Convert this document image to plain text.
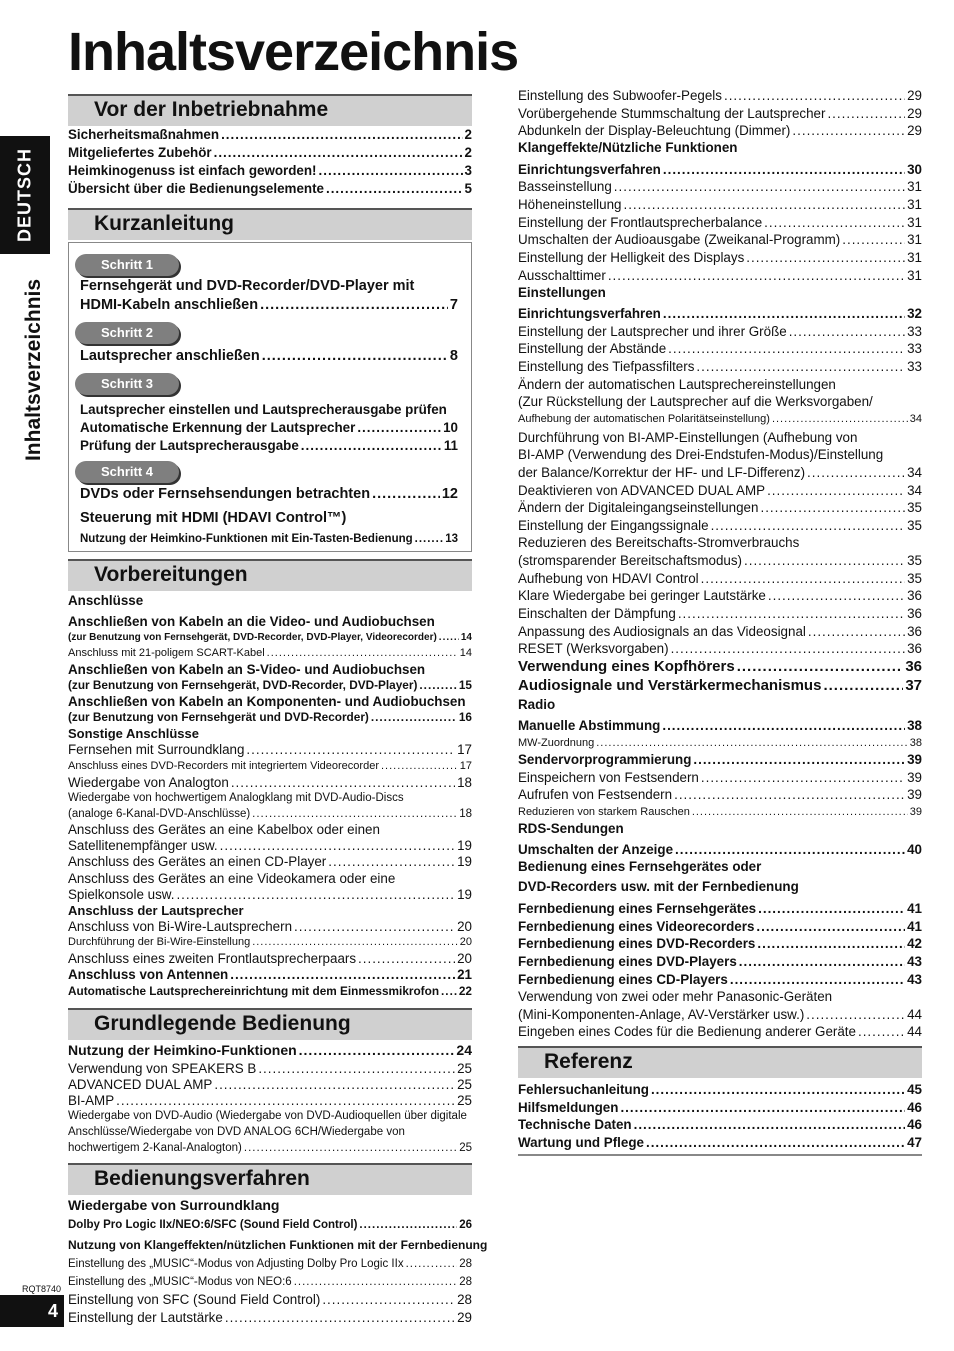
Inhaltsverzeichnis
DEUTSCH
Inhaltsverzeichnis
RQT8740
4
Vor der Inbetriebnahme
Sicherheitsmaßnahmen .....	2
Mitgeliefertes Zubehör .....	2
Heimkinogenuss ist einfach geworden! .....	3
Übersicht über die Bedienungselemente .....	5
Kurzanleitung
Schritt 1
Fernsehgerät und DVD-Recorder/DVD-Player mit
HDMI-Kabeln anschließen .....	7
Schritt 2
Lautsprecher anschließen .....	8
Schritt 3
Lautsprecher einstellen und Lautsprecherausgabe prüfen
Automatische Erkennung der Lautsprecher .....	10
Prüfung der Lautsprecherausgabe .....	11
Schritt 4
DVDs oder Fernsehsendungen betrachten .....	12
Steuerung mit HDMI (HDAVI Control™)
Nutzung der Heimkino-Funktionen mit Ein-Tasten-Bedienung .....	13
Vorbereitungen
Anschlüsse
Anschließen von Kabeln an die Video- und Audiobuchsen
(zur Benutzung von Fernsehgerät, DVD-Recorder, DVD-Player, Videorecorder) ..... 14
Anschluss mit 21-poligem SCART-Kabel .....	14
Anschließen von Kabeln an S-Video- und Audiobuchsen
(zur Benutzung von Fernsehgerät, DVD-Recorder, DVD-Player) .....	15
Anschließen von Kabeln an Komponenten- und Audiobuchsen
(zur Benutzung von Fernsehgerät und DVD-Recorder) .....	16
Sonstige Anschlüsse
Fernsehen mit Surroundklang .....	17
Anschluss eines DVD-Recorders mit integriertem Videorecorder .....	17
Wiedergabe von Analogton .....	18
Wiedergabe von hochwertigem Analogklang mit DVD-Audio-Discs
(analoge 6-Kanal-DVD-Anschlüsse) .....	18
Anschluss des Gerätes an eine Kabelbox oder einen
Satellitenempfänger usw. .....	19
Anschluss des Gerätes an einen CD-Player .....	19
Anschluss des Gerätes an eine Videokamera oder eine
Spielkonsole usw. .....	19
Anschluss der Lautsprecher
Anschluss von Bi-Wire-Lautsprechern .....	20
Durchführung der Bi-Wire-Einstellung .....	20
Anschluss eines zweiten Frontlautsprecherpaars .....	20
Anschluss von Antennen .....	21
Automatische Lautsprechereinrichtung mit dem Einmessmikrofon ..... 22
Grundlegende Bedienung
Nutzung der Heimkino-Funktionen .....	24
Verwendung von SPEAKERS B .....	25
ADVANCED DUAL AMP .....	25
BI-AMP .....	25
Wiedergabe von DVD-Audio (Wiedergabe von DVD-Audioquellen über digitale
Anschlüsse/Wiedergabe von DVD ANALOG 6CH/Wiedergabe von
hochwertigem 2-Kanal-Analogton) .....	25
Bedienungsverfahren
Wiedergabe von Surroundklang
Dolby Pro Logic IIx/NEO:6/SFC (Sound Field Control) .....	26
Nutzung von Klangeffekten/nützlichen Funktionen mit der Fernbedienung
Einstellung des „MUSIC“-Modus von Adjusting Dolby Pro Logic IIx .....	28
Einstellung des „MUSIC“-Modus von NEO:6 .....	28
Einstellung von SFC (Sound Field Control) .....	28
Einstellung der Lautstärke .....	29
Einstellung des Subwoofer-Pegels .....	29
Vorübergehende Stummschaltung der Lautsprecher .....	29
Abdunkeln der Display-Beleuchtung (Dimmer) .....	29
Klangeffekte/Nützliche Funktionen
Einrichtungsverfahren .....	30
Basseinstellung .....	31
Höheneinstellung .....	31
Einstellung der Frontlautsprecherbalance .....	31
Umschalten der Audioausgabe (Zweikanal-Programm) .....	31
Einstellung der Helligkeit des Displays .....	31
Ausschalttimer .....	31
Einstellungen
Einrichtungsverfahren .....	32
Einstellung der Lautsprecher und ihrer Größe .....	33
Einstellung der Abstände .....	33
Einstellung des Tiefpassfilters .....	33
Ändern der automatischen Lautsprechereinstellungen
(Zur Rückstellung der Lautsprecher auf die Werksvorgaben/
Aufhebung der automatischen Polaritätseinstellung) .....	34
Durchführung von BI-AMP-Einstellungen (Aufhebung von
BI-AMP (Verwendung des Drei-Endstufen-Modus)/Einstellung
der Balance/Korrektur der HF- und LF-Differenz) .....	34
Deaktivieren von ADVANCED DUAL AMP .....	34
Ändern der Digitaleingangseinstellungen .....	35
Einstellung der Eingangssignale .....	35
Reduzieren des Bereitschafts-Stromverbrauchs
(stromsparender Bereitschaftsmodus) .....	35
Aufhebung von HDAVI Control .....	35
Klare Wiedergabe bei geringer Lautstärke .....	36
Einschalten der Dämpfung .....	36
Anpassung des Audiosignals an das Videosignal .....	36
RESET (Werksvorgaben) .....	36
Verwendung eines Kopfhörers .....	36
Audiosignale und Verstärkermechanismus .....	37
Radio
Manuelle Abstimmung .....	38
MW-Zuordnung .....	38
Sendervorprogrammierung .....	39
Einspeichern von Festsendern .....	39
Aufrufen von Festsendern .....	39
Reduzieren von starkem Rauschen .....	39
RDS-Sendungen
Umschalten der Anzeige .....	40
Bedienung eines Fernsehgerätes oder
DVD-Recorders usw. mit der Fernbedienung
Fernbedienung eines Fernsehgerätes .....	41
Fernbedienung eines Videorecorders .....	41
Fernbedienung eines DVD-Recorders .....	42
Fernbedienung eines DVD-Players .....	43
Fernbedienung eines CD-Players .....	43
Verwendung von zwei oder mehr Panasonic-Geräten
(Mini-Komponenten-Anlage, AV-Verstärker usw.) .....	44
Eingeben eines Codes für die Bedienung anderer Geräte .....	44
Referenz
Fehlersuchanleitung .....	45
Hilfsmeldungen .....	46
Technische Daten .....	46
Wartung und Pflege .....	47
